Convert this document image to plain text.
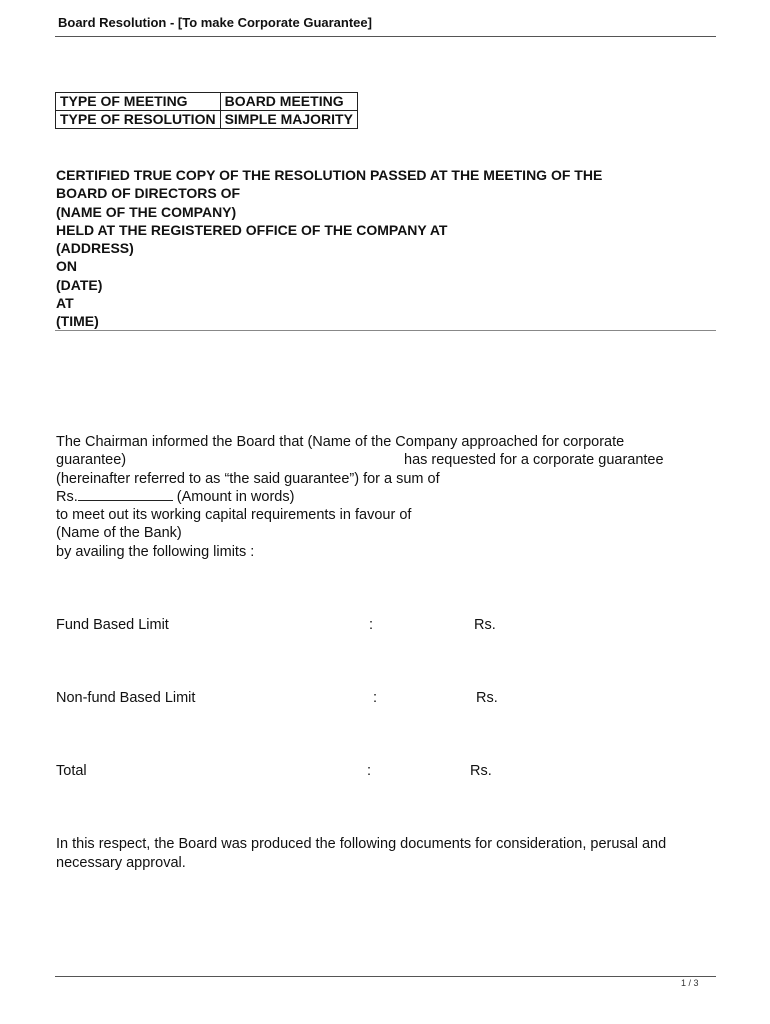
Board Resolution - [To make Corporate Guarantee]
TYPE OF MEETING	BOARD MEETING
TYPE OF RESOLUTION	SIMPLE MAJORITY
CERTIFIED TRUE COPY OF THE RESOLUTION PASSED AT THE MEETING OF THE
BOARD OF DIRECTORS OF
(NAME OF THE COMPANY)
HELD AT THE REGISTERED OFFICE OF THE COMPANY AT
(ADDRESS)
ON
(DATE)
AT
(TIME)
The Chairman informed the Board that (Name of the Company approached for corporate
guarantee)	has requested for a corporate guarantee
(hereinafter referred to as “the said guarantee”) for a sum of
Rs.	(Amount in words)
to meet out its working capital requirements in favour of
(Name of the Bank)
by availing the following limits :
Fund Based Limit	:	Rs.
Non-fund Based Limit	:	Rs.
Total	:	Rs.
In this respect, the Board was produced the following documents for consideration, perusal and necessary approval.
1 / 3
